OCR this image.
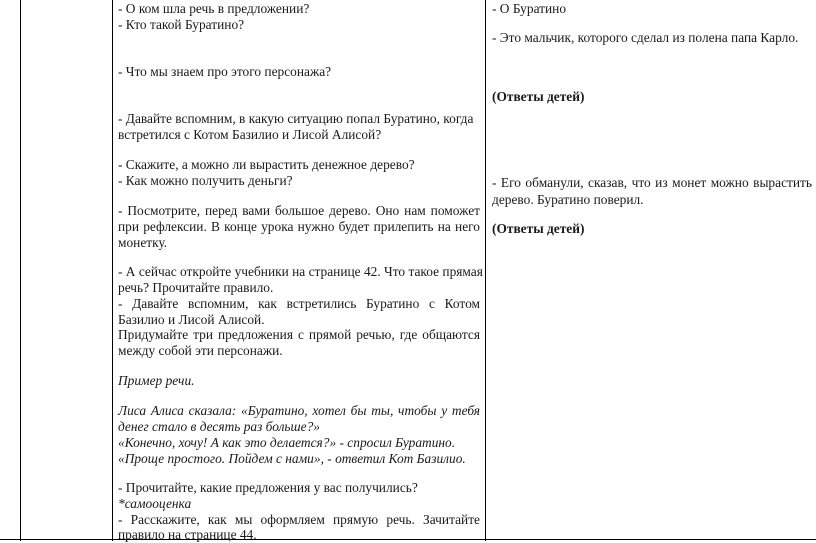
- О ком шла речь в предложении?
- Кто такой Буратино?
- Что мы знаем про этого персонажа?
- Давайте вспомним, в какую ситуацию попал Буратино, когда
встретился с Котом Базилио и Лисой Алисой?
- Скажите, а можно ли вырастить денежное дерево?
- Как можно получить деньги?
- Посмотрите, перед вами большое дерево. Оно нам поможет
при рефлексии. В конце урока нужно будет прилепить на него
монетку.
- А сейчас откройте учебники на странице 42. Что такое прямая
речь? Прочитайте правило.
- Давайте вспомним, как встретились Буратино с Котом
Базилио и Лисой Алисой.
Придумайте три предложения с прямой речью, где общаются
между собой эти персонажи.
Пример речи.
Лиса Алиса сказала: «Буратино, хотел бы ты, чтобы у тебя
денег стало в десять раз больше?»
«Конечно, хочу! А как это делается?» - спросил Буратино.
«Проще простого. Пойдем с нами», - ответил Кот Базилио.
- Прочитайте, какие предложения у вас получились?
*самооценка
- Расскажите, как мы оформляем прямую речь. Зачитайте
правило на странице 44.
- О Буратино
- Это мальчик, которого сделал из полена папа Карло.
(Ответы детей)
- Его обманули, сказав, что из монет можно вырастить
дерево. Буратино поверил.
(Ответы детей)
